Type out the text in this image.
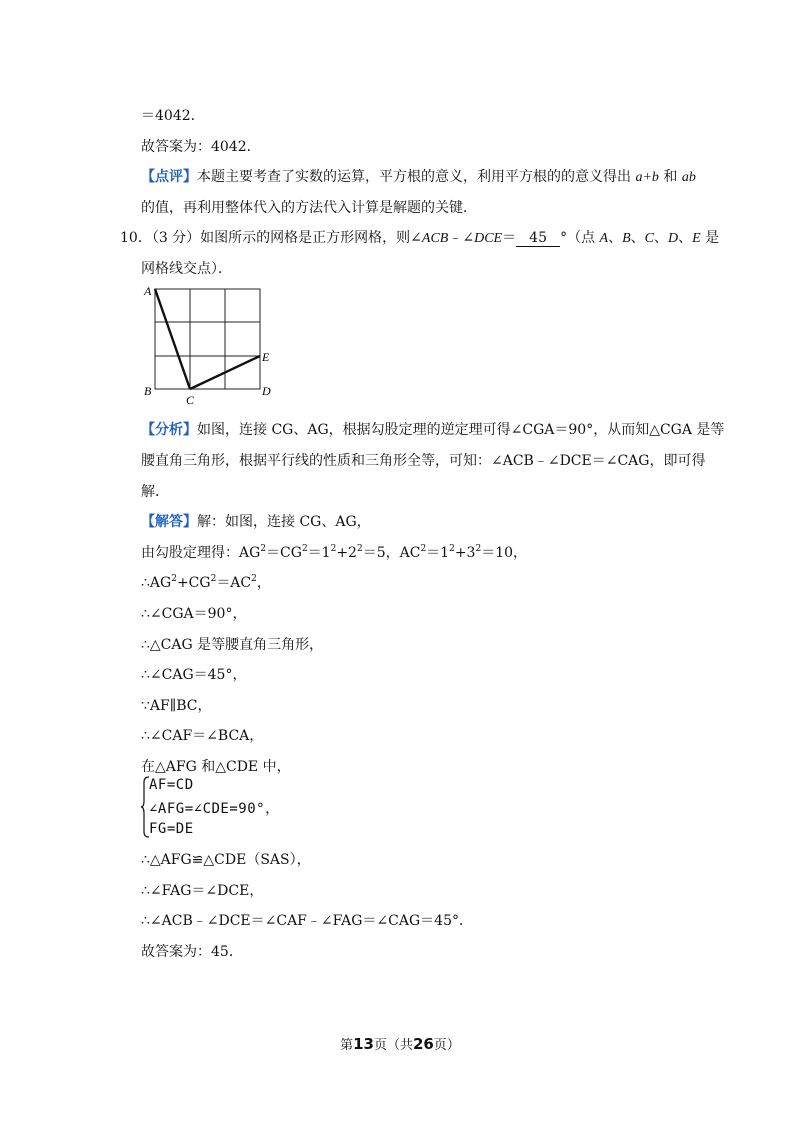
＝4042．
故答案为：4042．
【点评】本题主要考查了实数的运算，平方根的意义，利用平方根的的意义得出 a+b 和 ab
的值，再利用整体代入的方法代入计算是解题的关键．
10．（3 分）如图所示的网格是正方形网格，则∠ACB﹣∠DCE＝ 45 °（点 A、B、C、D、E 是
网格线交点）．
A
B
C
D
E
【分析】如图，连接 CG、AG，根据勾股定理的逆定理可得∠CGA＝90°，从而知△CGA 是等
腰直角三角形，根据平行线的性质和三角形全等，可知：∠ACB﹣∠DCE＝∠CAG，即可得
解．
【解答】解：如图，连接 CG、AG，
由勾股定理得：$AG^2=CG^2=1^2+2^2=5$，$AC^2=1^2+3^2=10$，
$\therefore AG^2+CG^2=AC^2$，
∴∠CGA＝90°，
∴△CAG 是等腰直角三角形，
∴∠CAG＝45°，
∵AF∥BC，
∴∠CAF＝∠BCA，
在△AFG 和△CDE 中，
AF=CD
∠AFG=∠CDE=90°，
FG=DE
∴△AFG≌△CDE（SAS），
∴∠FAG＝∠DCE，
∴∠ACB﹣∠DCE＝∠CAF﹣∠FAG＝∠CAG＝45°．
故答案为：45．
第13页（共26页）
